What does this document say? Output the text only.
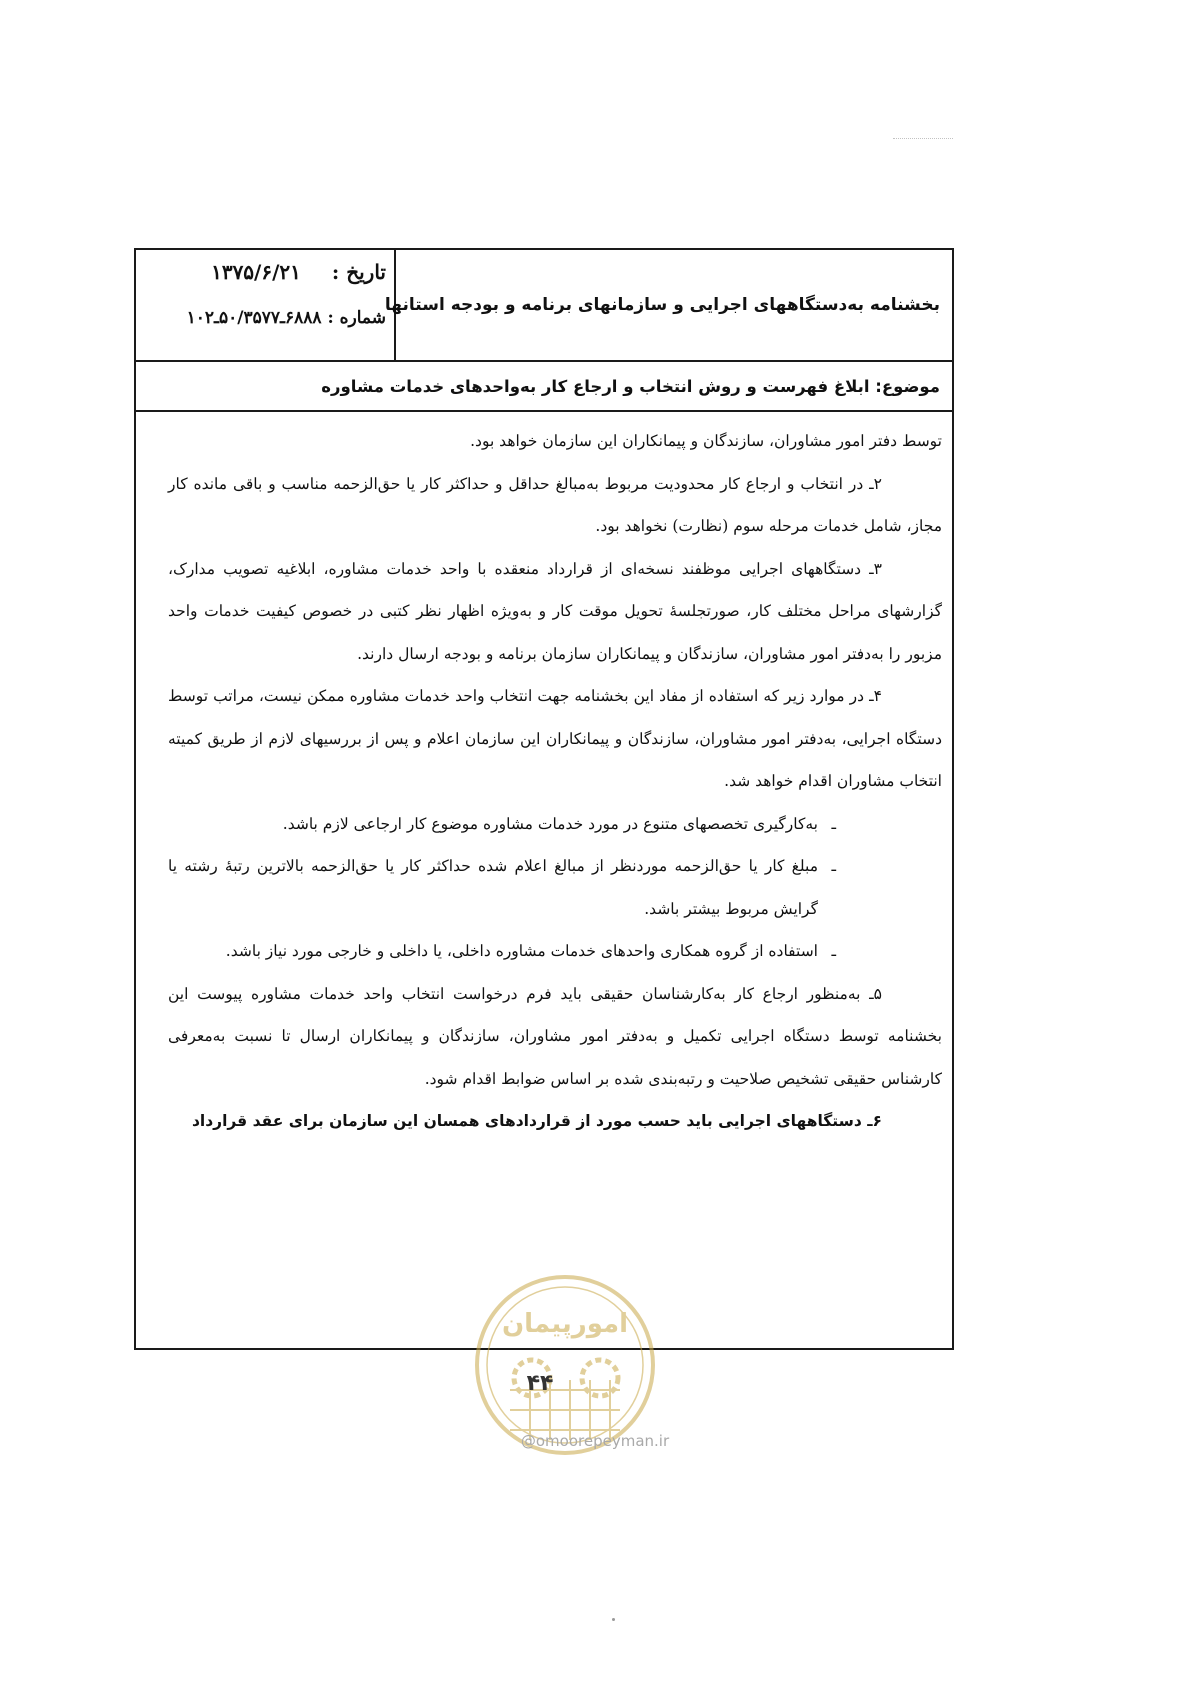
تاریخ : ۱۳۷۵/۶/۲۱
شماره : ۶۸۸۸ـ۵۰/۳۵۷۷ـ۱۰۲
بخشنامه به‌دستگاههای اجرایی و سازمانهای برنامه و بودجه استانها
موضوع: ابلاغ فهرست و روش انتخاب و ارجاع کار به‌واحدهای خدمات مشاوره

توسط دفتر امور مشاوران، سازندگان و پیمانکاران این سازمان خواهد بود.

۲ـ در انتخاب و ارجاع کار محدودیت مربوط به‌مبالغ حداقل و حداکثر کار یا حق‌الزحمه مناسب و باقی مانده کار مجاز، شامل خدمات مرحله سوم (نظارت) نخواهد بود.

۳ـ دستگاههای اجرایی موظفند نسخه‌ای از قرارداد منعقده با واحد خدمات مشاوره، ابلاغیه تصویب مدارک، گزارشهای مراحل مختلف کار، صورتجلسهٔ تحویل موقت کار و به‌ویژه اظهار نظر کتبی در خصوص کیفیت خدمات واحد مزبور را به‌دفتر امور مشاوران، سازندگان و پیمانکاران سازمان برنامه و بودجه ارسال دارند.

۴ـ در موارد زیر که استفاده از مفاد این بخشنامه جهت انتخاب واحد خدمات مشاوره ممکن نیست، مراتب توسط دستگاه اجرایی، به‌دفتر امور مشاوران، سازندگان و پیمانکاران این سازمان اعلام و پس از بررسیهای لازم از طریق کمیته انتخاب مشاوران اقدام خواهد شد.

ـبه‌کارگیری تخصصهای متنوع در مورد خدمات مشاوره موضوع کار ارجاعی لازم باشد.

ـمبلغ کار یا حق‌الزحمه موردنظر از مبالغ اعلام شده حداکثر کار یا حق‌الزحمه بالاترین رتبهٔ رشته یا گرایش مربوط بیشتر باشد.

ـاستفاده از گروه همکاری واحدهای خدمات مشاوره داخلی، یا داخلی و خارجی مورد نیاز باشد.

۵ـ به‌منظور ارجاع کار به‌کارشناسان حقیقی باید فرم درخواست انتخاب واحد خدمات مشاوره پیوست این بخشنامه توسط دستگاه اجرایی تکمیل و به‌دفتر امور مشاوران، سازندگان و پیمانکاران ارسال تا نسبت به‌معرفی کارشناس حقیقی تشخیص صلاحیت و رتبه‌بندی شده بر اساس ضوابط اقدام شود.

۶ـ دستگاههای اجرایی باید حسب مورد از قراردادهای همسان این سازمان برای عقد قرارداد

امورپیمان
۴۴
@omoorepeyman.ir
